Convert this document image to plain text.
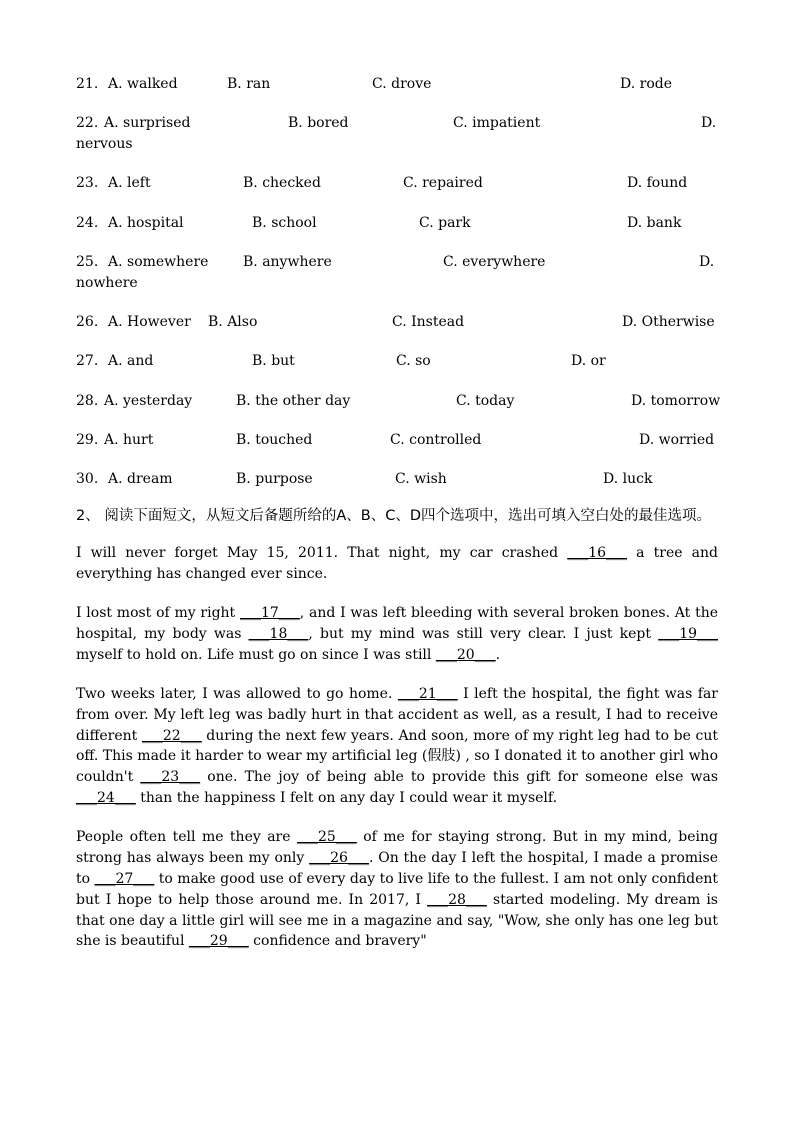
21. A. walked	B. ran	C. drove	D. rode
22. A. surprised	B. bored	C. impatient	D.
nervous
23. A. left	B. checked	C. repaired	D. found
24. A. hospital	B. school	C. park	D. bank
25. A. somewhere B. anywhere	C. everywhere	D.
nowhere
26. A. However B. Also	C. Instead	D. Otherwise
27. A. and	B. but	C. so	D. or
28. A. yesterday	B. the other day	C. today	D. tomorrow
29. A. hurt	B. touched	C. controlled	D. worried
30. A. dream	B. purpose	C. wish	D. luck
2、 阅读下面短文，从短文后备题所给的A、B、C、D四个选项中，选出可填入空白处的最佳选项。

I will never forget May 15, 2011. That night, my car crashed ___16___ a tree and everything has changed ever since.

I lost most of my right ___17___, and I was left bleeding with several broken bones. At the hospital, my body was ___18___, but my mind was still very clear. I just kept ___19___ myself to hold on. Life must go on since I was still ___20___.

Two weeks later, I was allowed to go home. ___21___ I left the hospital, the fight was far from over. My left leg was badly hurt in that accident as well, as a result, I had to receive different ___22___ during the next few years. And soon, more of my right leg had to be cut off. This made it harder to wear my artificial leg (假肢) , so I donated it to another girl who couldn't ___23___ one. The joy of being able to provide this gift for someone else was ___24___ than the happiness I felt on any day I could wear it myself.

People often tell me they are ___25___ of me for staying strong. But in my mind, being strong has always been my only ___26___. On the day I left the hospital, I made a promise to ___27___ to make good use of every day to live life to the fullest. I am not only confident but I hope to help those around me. In 2017, I ___28___ started modeling. My dream is that one day a little girl will see me in a magazine and say, "Wow, she only has one leg but she is beautiful ___29___ confidence and bravery"
